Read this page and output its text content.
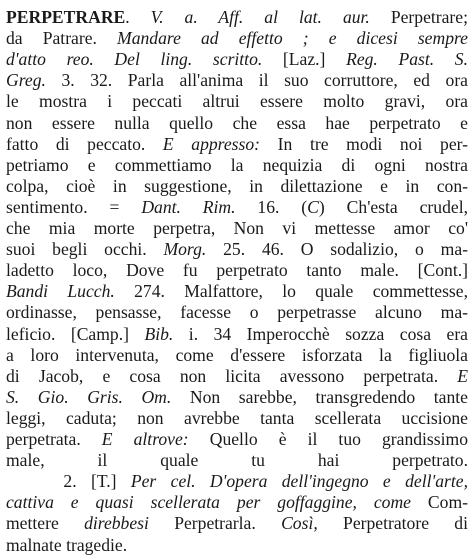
PERPETRARE. V. a. Aff. al lat. aur. Perpetrare;
da Patrare. Mandare ad effetto ; e dicesi sempre
d'atto reo. Del ling. scritto. [Laz.] Reg. Past. S.
Greg. 3. 32. Parla all'anima il suo corruttore, ed ora
le mostra i peccati altrui essere molto gravi, ora
non essere nulla quello che essa hae perpetrato e
fatto di peccato. E appresso: In tre modi noi per-
petriamo e commettiamo la nequizia di ogni nostra
colpa, cioè in suggestione, in dilettazione e in con-
sentimento. = Dant. Rim. 16. (C) Ch'esta crudel,
che mia morte perpetra, Non vi mettesse amor co'
suoi begli occhi. Morg. 25. 46. O sodalizio, o ma-
ladetto loco, Dove fu perpetrato tanto male. [Cont.]
Bandi Lucch. 274. Malfattore, lo quale commettesse,
ordinasse, pensasse, facesse o perpetrasse alcuno ma-
leficio. [Camp.] Bib. i. 34 Imperocchè sozza cosa era
a loro intervenuta, come d'essere isforzata la figliuola
di Jacob, e cosa non licita avessono perpetrata. E
S. Gio. Gris. Om. Non sarebbe, transgredendo tante
leggi, caduta; non avrebbe tanta scellerata uccisione
perpetrata. E altrove: Quello è il tuo grandissimo
male, il quale tu hai perpetrato.
2. [T.] Per cel. D'opera dell'ingegno e dell'arte,
cattiva e quasi scellerata per goffaggine, come Com-
mettere direbbesi Perpetrarla. Così, Perpetratore di
malnate tragedie.
